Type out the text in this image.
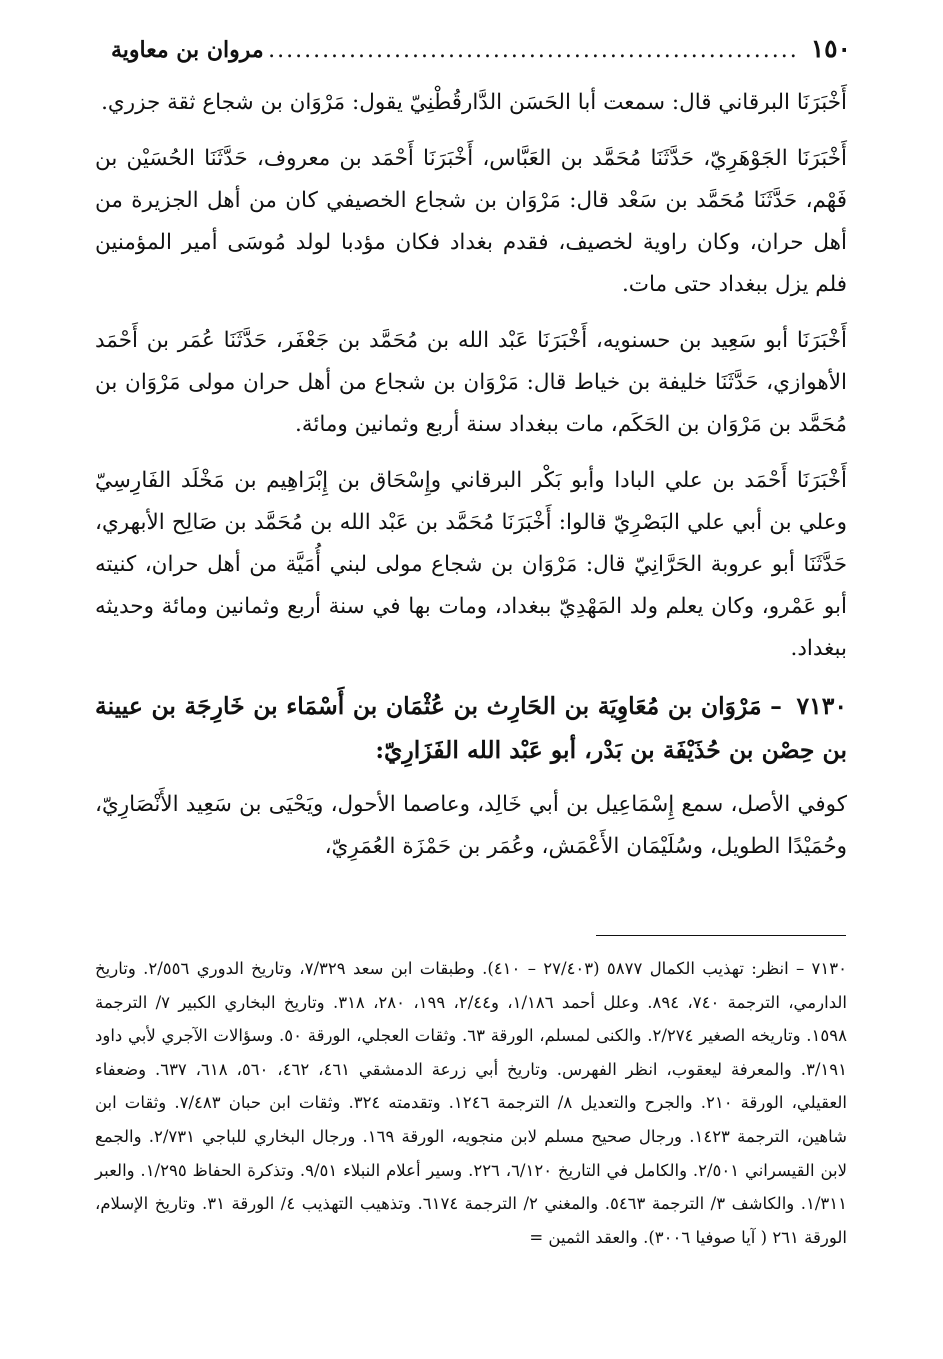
١٥٠
.....
مروان بن معاوية

أَخْبَرَنَا البرقاني قال: سمعت أبا الحَسَن الدَّارقُطْنِيّ يقول: مَرْوَان بن شجاع ثقة جزري.

أَخْبَرَنَا الجَوْهَرِيّ، حَدَّثَنَا مُحَمَّد بن العَبَّاس، أَخْبَرَنَا أَحْمَد بن معروف، حَدَّثَنَا الحُسَيْن بن فَهْم، حَدَّثَنَا مُحَمَّد بن سَعْد قال: مَرْوَان بن شجاع الخصيفي كان من أهل الجزيرة من أهل حران، وكان راوية لخصيف، فقدم بغداد فكان مؤدبا لولد مُوسَى أمير المؤمنين فلم يزل ببغداد حتى مات.

أَخْبَرَنَا أبو سَعِيد بن حسنويه، أَخْبَرَنَا عَبْد الله بن مُحَمَّد بن جَعْفَر، حَدَّثَنَا عُمَر بن أَحْمَد الأهوازي، حَدَّثَنَا خليفة بن خياط قال: مَرْوَان بن شجاع من أهل حران مولى مَرْوَان بن مُحَمَّد بن مَرْوَان بن الحَكَم، مات ببغداد سنة أربع وثمانين ومائة.

أَخْبَرَنَا أَحْمَد بن علي البادا وأبو بَكْر البرقاني وإِسْحَاق بن إِبْرَاهِيم بن مَخْلَد الفَارِسِيّ وعلي بن أبي علي البَصْرِيّ قالوا: أَخْبَرَنَا مُحَمَّد بن عَبْد الله بن مُحَمَّد بن صَالِح الأبهري، حَدَّثَنَا أبو عروبة الحَرَّانِيّ قال: مَرْوَان بن شجاع مولى لبني أُمَيَّة من أهل حران، كنيته أبو عَمْرو، وكان يعلم ولد المَهْدِيّ ببغداد، ومات بها في سنة أربع وثمانين ومائة وحديثه ببغداد.

٧١٣٠ – مَرْوَان بن مُعَاوِيَة بن الحَارِث بن عُثْمَان بن أَسْمَاء بن خَارِجَة بن عيينة بن حِصْن بن حُذَيْفَة بن بَدْر، أبو عَبْد الله الفَزَارِيّ:

كوفي الأصل، سمع إِسْمَاعِيل بن أبي خَالِد، وعاصما الأحول، ويَحْيَى بن سَعِيد الأَنْصَارِيّ، وحُمَيْدًا الطويل، وسُلَيْمَان الأَعْمَش، وعُمَر بن حَمْزَة العُمَرِيّ،

٧١٣٠ – انظر: تهذيب الكمال ٥٨٧٧ (٢٧/٤٠٣ – ٤١٠). وطبقات ابن سعد ٧/٣٢٩، وتاريخ الدوري ٢/٥٥٦. وتاريخ الدارمي، الترجمة ٧٤٠، ٨٩٤. وعلل أحمد ١/١٨٦، و٢/٤٤، ١٩٩، ٢٨٠، ٣١٨. وتاريخ البخاري الكبير ٧/ الترجمة ١٥٩٨. وتاريخه الصغير ٢/٢٧٤. والكنى لمسلم، الورقة ٦٣. وثقات العجلي، الورقة ٥٠. وسؤالات الآجري لأبي داود ٣/١٩١. والمعرفة ليعقوب، انظر الفهرس. وتاريخ أبي زرعة الدمشقي ٤٦١، ٤٦٢، ٥٦٠، ٦١٨، ٦٣٧. وضعفاء العقيلي، الورقة ٢١٠. والجرح والتعديل ٨/ الترجمة ١٢٤٦. وتقدمته ٣٢٤. وثقات ابن حبان ٧/٤٨٣. وثقات ابن شاهين، الترجمة ١٤٢٣. ورجال صحيح مسلم لابن منجويه، الورقة ١٦٩. ورجال البخاري للباجي ٢/٧٣١. والجمع لابن القيسراني ٢/٥٠١. والكامل في التاريخ ٦/١٢٠، ٢٢٦. وسير أعلام النبلاء ٩/٥١. وتذكرة الحفاظ ١/٢٩٥. والعبر ١/٣١١. والكاشف ٣/ الترجمة ٥٤٦٣. والمغني ٢/ الترجمة ٦١٧٤. وتذهيب التهذيب ٤/ الورقة ٣١. وتاريخ الإسلام، الورقة ٢٦١ ( آيا صوفيا ٣٠٠٦). والعقد الثمين =
